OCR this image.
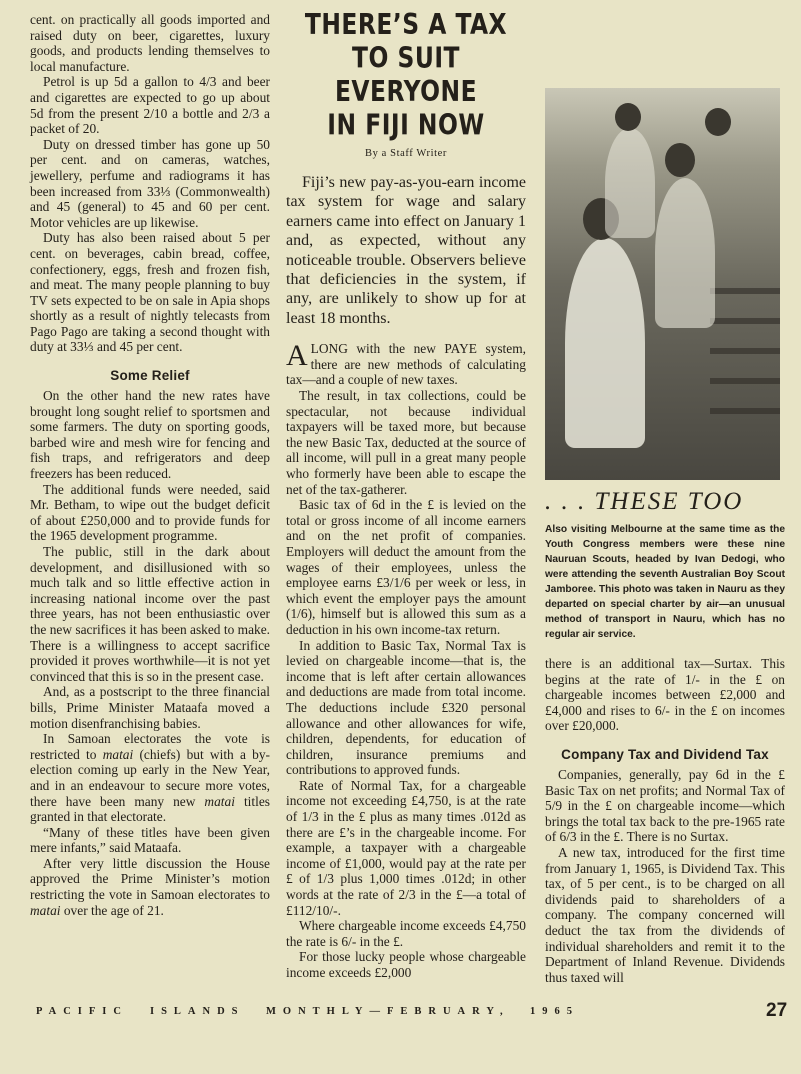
cent. on practically all goods imported and raised duty on beer, cigarettes, luxury goods, and products lending themselves to local manufacture.

Petrol is up 5d a gallon to 4/3 and beer and cigarettes are expected to go up about 5d from the present 2/10 a bottle and 2/3 a packet of 20.

Duty on dressed timber has gone up 50 per cent. and on cameras, watches, jewellery, perfume and radiograms it has been increased from 33⅓ (Commonwealth) and 45 (general) to 45 and 60 per cent. Motor vehicles are up likewise.

Duty has also been raised about 5 per cent. on beverages, cabin bread, coffee, confectionery, eggs, fresh and frozen fish, and meat. The many people planning to buy TV sets expected to be on sale in Apia shops shortly as a result of nightly telecasts from Pago Pago are taking a second thought with duty at 33⅓ and 45 per cent.

Some Relief

On the other hand the new rates have brought long sought relief to sportsmen and some farmers. The duty on sporting goods, barbed wire and mesh wire for fencing and fish traps, and refrigerators and deep freezers has been reduced.

The additional funds were needed, said Mr. Betham, to wipe out the budget deficit of about £250,000 and to provide funds for the 1965 development programme.

The public, still in the dark about development, and disillusioned with so much talk and so little effective action in increasing national income over the past three years, has not been enthusiastic over the new sacrifices it has been asked to make. There is a willingness to accept sacrifice provided it proves worthwhile—it is not yet convinced that this is so in the present case.

And, as a postscript to the three financial bills, Prime Minister Mataafa moved a motion disenfranchising babies.

In Samoan electorates the vote is restricted to matai (chiefs) but with a by-election coming up early in the New Year, and in an endeavour to secure more votes, there have been many new matai titles granted in that electorate.

“Many of these titles have been given mere infants,” said Mataafa.

After very little discussion the House approved the Prime Minister’s motion restricting the vote in Samoan electorates to matai over the age of 21.

THERE’S A TAX
TO SUIT EVERYONE
IN FIJI NOW
By a Staff Writer

Fiji’s new pay-as-you-earn income tax system for wage and salary earners came into effect on January 1 and, as expected, without any noticeable trouble. Observers believe that deficiencies in the system, if any, are unlikely to show up for at least 18 months.

ALONG with the new PAYE system, there are new methods of calculating tax—and a couple of new taxes.

The result, in tax collections, could be spectacular, not because individual taxpayers will be taxed more, but because the new Basic Tax, deducted at the source of all income, will pull in a great many people who formerly have been able to escape the net of the tax-gatherer.

Basic tax of 6d in the £ is levied on the total or gross income of all income earners and on the net profit of companies. Employers will deduct the amount from the wages of their employees, unless the employee earns £3/1/6 per week or less, in which event the employer pays the amount (1/6), himself but is allowed this sum as a deduction in his own income-tax return.

In addition to Basic Tax, Normal Tax is levied on chargeable income—that is, the income that is left after certain allowances and deductions are made from total income. The deductions include £320 personal allowance and other allowances for wife, children, dependents, for education of children, insurance premiums and contributions to approved funds.

Rate of Normal Tax, for a chargeable income not exceeding £4,750, is at the rate of 1/3 in the £ plus as many times .012d as there are £’s in the chargeable income. For example, a taxpayer with a chargeable income of £1,000, would pay at the rate per £ of 1/3 plus 1,000 times .012d; in other words at the rate of 2/3 in the £—a total of £112/10/-.

Where chargeable income exceeds £4,750 the rate is 6/- in the £.

For those lucky people whose chargeable income exceeds £2,000

. . . THESE TOO

Also visiting Melbourne at the same time as the Youth Congress members were these nine Nauruan Scouts, headed by Ivan Dedogi, who were attending the seventh Australian Boy Scout Jamboree. This photo was taken in Nauru as they departed on special charter by air—an unusual method of transport in Nauru, which has no regular air service.

there is an additional tax—Surtax. This begins at the rate of 1/- in the £ on chargeable incomes between £2,000 and £4,000 and rises to 6/- in the £ on incomes over £20,000.

Company Tax and Dividend Tax

Companies, generally, pay 6d in the £ Basic Tax on net profits; and Normal Tax of 5/9 in the £ on chargeable income—which brings the total tax back to the pre-1965 rate of 6/3 in the £. There is no Surtax.

A new tax, introduced for the first time from January 1, 1965, is Dividend Tax. This tax, of 5 per cent., is to be charged on all dividends paid to shareholders of a company. The company concerned will deduct the tax from the dividends of individual shareholders and remit it to the Department of Inland Revenue. Dividends thus taxed will

PACIFIC ISLANDS MONTHLY—FEBRUARY, 1965	27
